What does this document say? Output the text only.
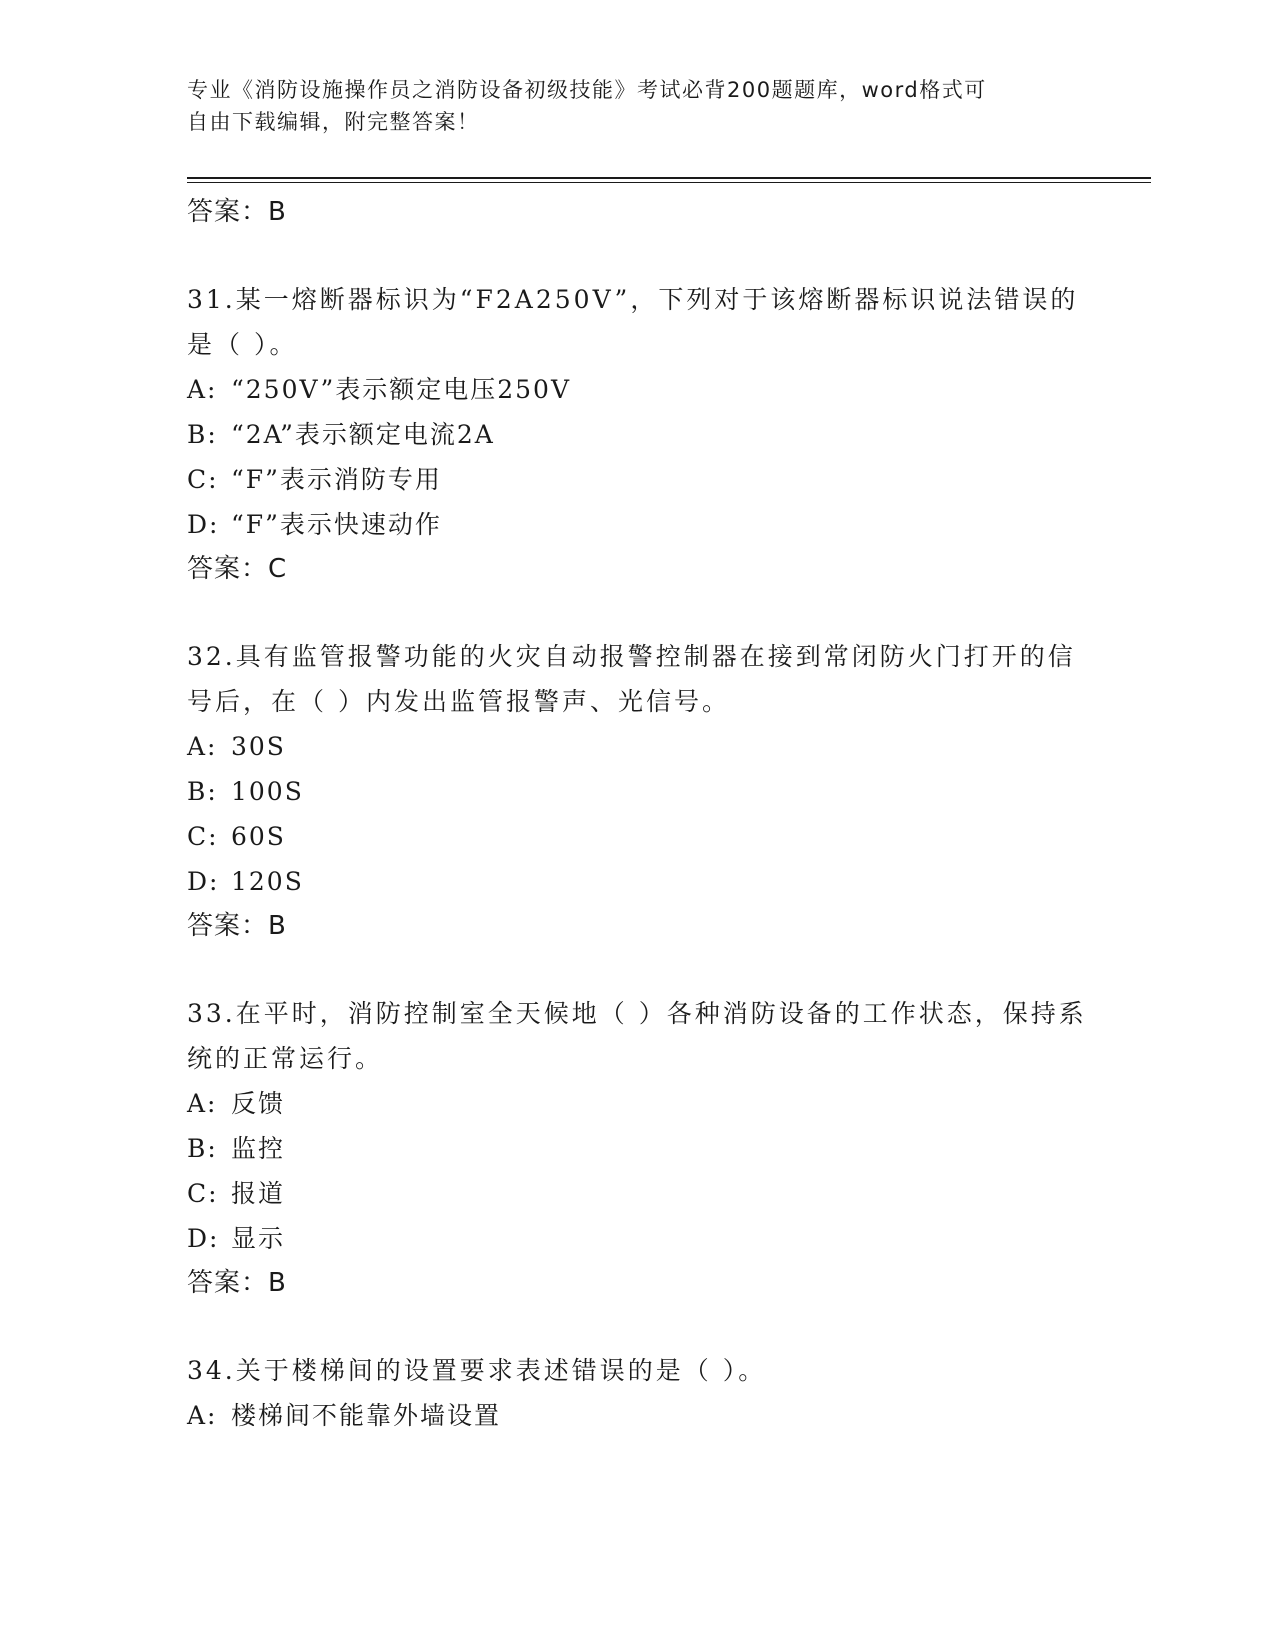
专业《消防设施操作员之消防设备初级技能》考试必背200题题库，word格式可
自由下载编辑，附完整答案！
答案：B
31.某一熔断器标识为“F2A250V”，下列对于该熔断器标识说法错误的是（ ）。
A: “250V”表示额定电压250V
B: “2A”表示额定电流2A
C: “F”表示消防专用
D: “F”表示快速动作
答案：C
32.具有监管报警功能的火灾自动报警控制器在接到常闭防火门打开的信号后，在（ ）内发出监管报警声、光信号。
A: 30S
B: 100S
C: 60S
D: 120S
答案：B
33.在平时，消防控制室全天候地（ ）各种消防设备的工作状态，保持系统的正常运行。
A: 反馈
B: 监控
C: 报道
D: 显示
答案：B
34.关于楼梯间的设置要求表述错误的是（ ）。
A: 楼梯间不能靠外墙设置
